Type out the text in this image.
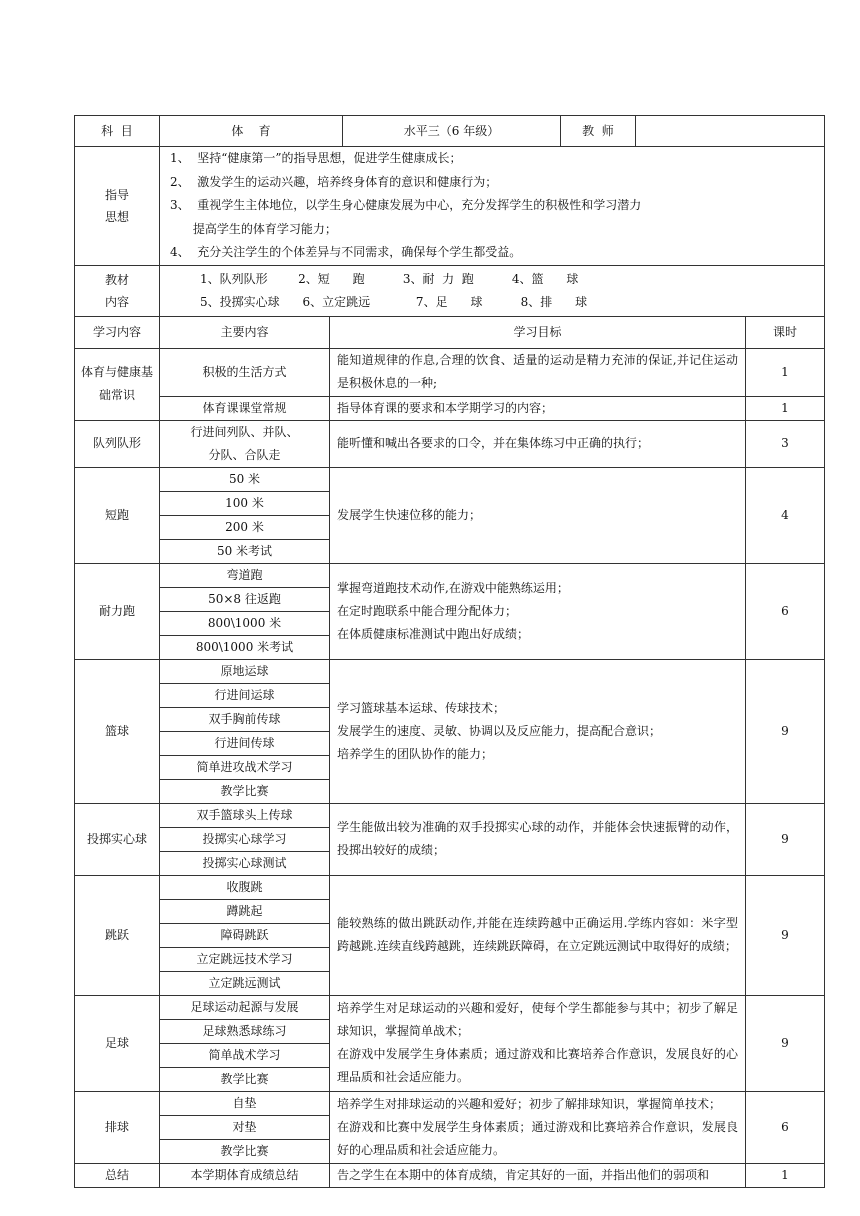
科  目	体    育	水平三（6 年级）	教  师	
指导
思想	1、  坚持“健康第一”的指导思想，促进学生健康成长；
2、  激发学生的运动兴趣，培养终身体育的意识和健康行为；
3、  重视学生主体地位，以学生身心健康发展为中心，充分发挥学生的积极性和学习潜力
提高学生的体育学习能力；
4、  充分关注学生的个体差异与不同需求，确保每个学生都受益。

教材
内容	1、队列队形        2、短      跑          3、耐  力  跑          4、篮      球
5、投掷实心球      6、立定跳远            7、足      球          8、排      球
学习内容	主要内容	学习目标	课时
体育与健康基础常识	积极的生活方式	能知道规律的作息,合理的饮食、适量的运动是精力充沛的保证,并记住运动是积极休息的一种;	1
	体育课课堂常规	指导体育课的要求和本学期学习的内容；	1
队列队形	行进间列队、并队、
分队、合队走	能听懂和喊出各要求的口令，并在集体练习中正确的执行；	3
短跑	50 米	发展学生快速位移的能力；	4
	100 米		
	200 米		
	50 米考试		
耐力跑	弯道跑	掌握弯道跑技术动作,在游戏中能熟练运用；
在定时跑联系中能合理分配体力；
在体质健康标准测试中跑出好成绩；	6
	50×8 往返跑		
	800\1000 米		
	800\1000 米考试		
篮球	原地运球	学习篮球基本运球、传球技术；
发展学生的速度、灵敏、协调以及反应能力，提高配合意识；
培养学生的团队协作的能力；	9
	行进间运球		
	双手胸前传球		
	行进间传球		
	简单进攻战术学习		
	教学比赛		
投掷实心球	双手篮球头上传球	学生能做出较为准确的双手投掷实心球的动作，并能体会快速振臂的动作，投掷出较好的成绩；	9
	投掷实心球学习		
	投掷实心球测试		
跳跃	收腹跳	能较熟练的做出跳跃动作,并能在连续跨越中正确运用.学练内容如：米字型跨越跳.连续直线跨越跳，连续跳跃障碍，在立定跳远测试中取得好的成绩；	9
	蹲跳起		
	障碍跳跃		
	立定跳远技术学习		
	立定跳远测试		
足球	足球运动起源与发展	培养学生对足球运动的兴趣和爱好，使每个学生都能参与其中；初步了解足球知识，掌握简单战术；
在游戏中发展学生身体素质；通过游戏和比赛培养合作意识，发展良好的心理品质和社会适应能力。	9
	足球熟悉球练习		
	简单战术学习		
	教学比赛		
排球	自垫	培养学生对排球运动的兴趣和爱好；初步了解排球知识，掌握简单技术；
在游戏和比赛中发展学生身体素质；通过游戏和比赛培养合作意识，发展良好的心理品质和社会适应能力。	6
	对垫		
	教学比赛		
总结	本学期体育成绩总结	告之学生在本期中的体育成绩，肯定其好的一面，并指出他们的弱项和	1
